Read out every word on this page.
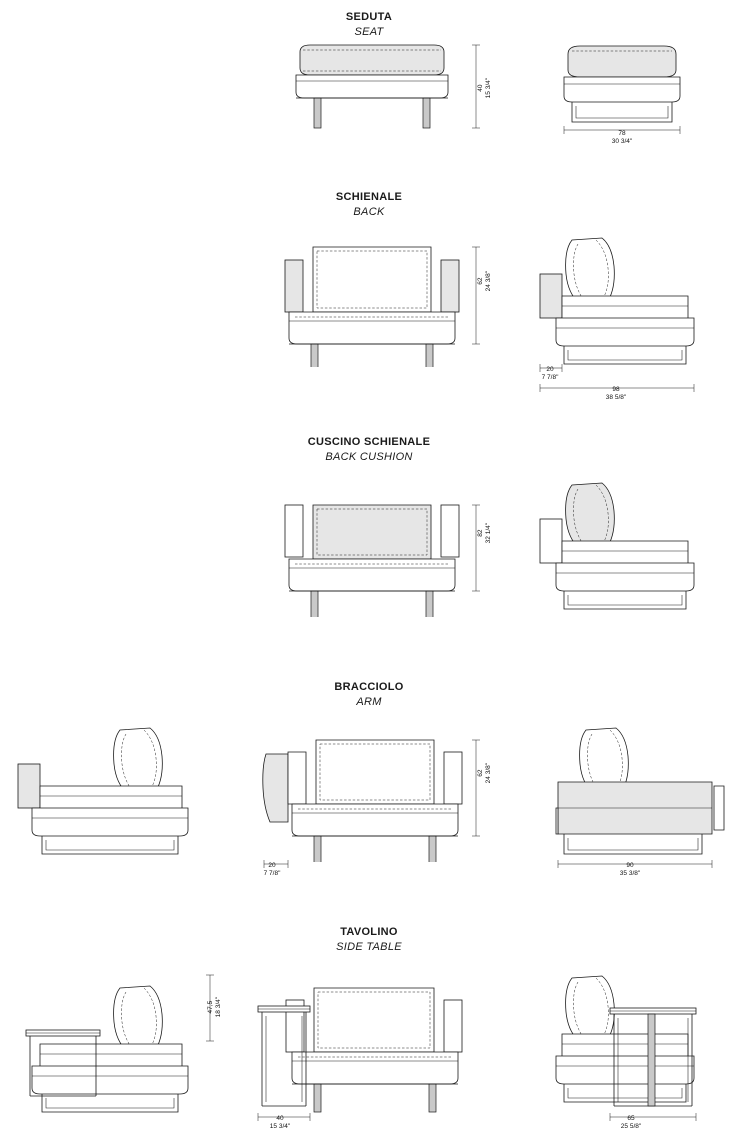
SEDUTA
SEAT
40
15 3/4"
78
30 3/4"
SCHIENALE
BACK
62
24 3/8"
20
7 7/8"
98
38 5/8"
CUSCINO SCHIENALE
BACK CUSHION
82
32 1/4"
BRACCIOLO
ARM
62
24 3/8"
20
7 7/8"
90
35 3/8"
TAVOLINO
SIDE TABLE
47,5
18 3/4"
40
15 3/4"
65
25 5/8"
